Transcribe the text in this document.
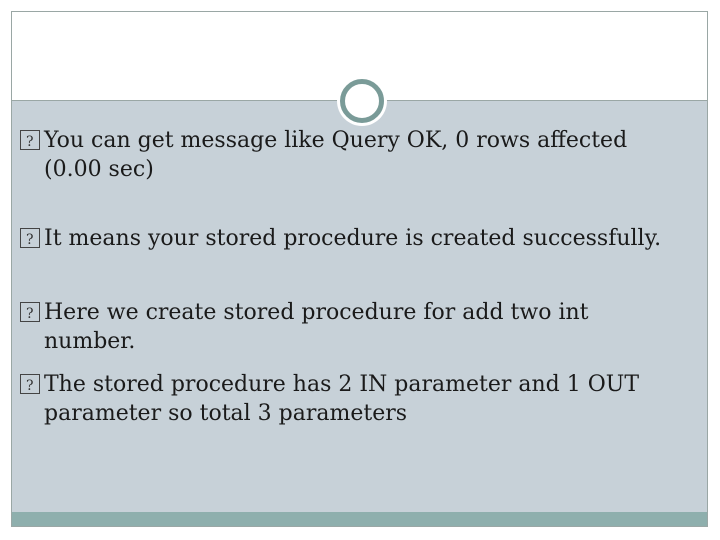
?
You can get message like Query OK, 0 rows affected (0.00 sec)
?
It means your stored procedure is created successfully.
?
Here we create stored procedure for add two int number.
?
The stored procedure has 2 IN parameter and 1 OUT parameter so total 3 parameters
